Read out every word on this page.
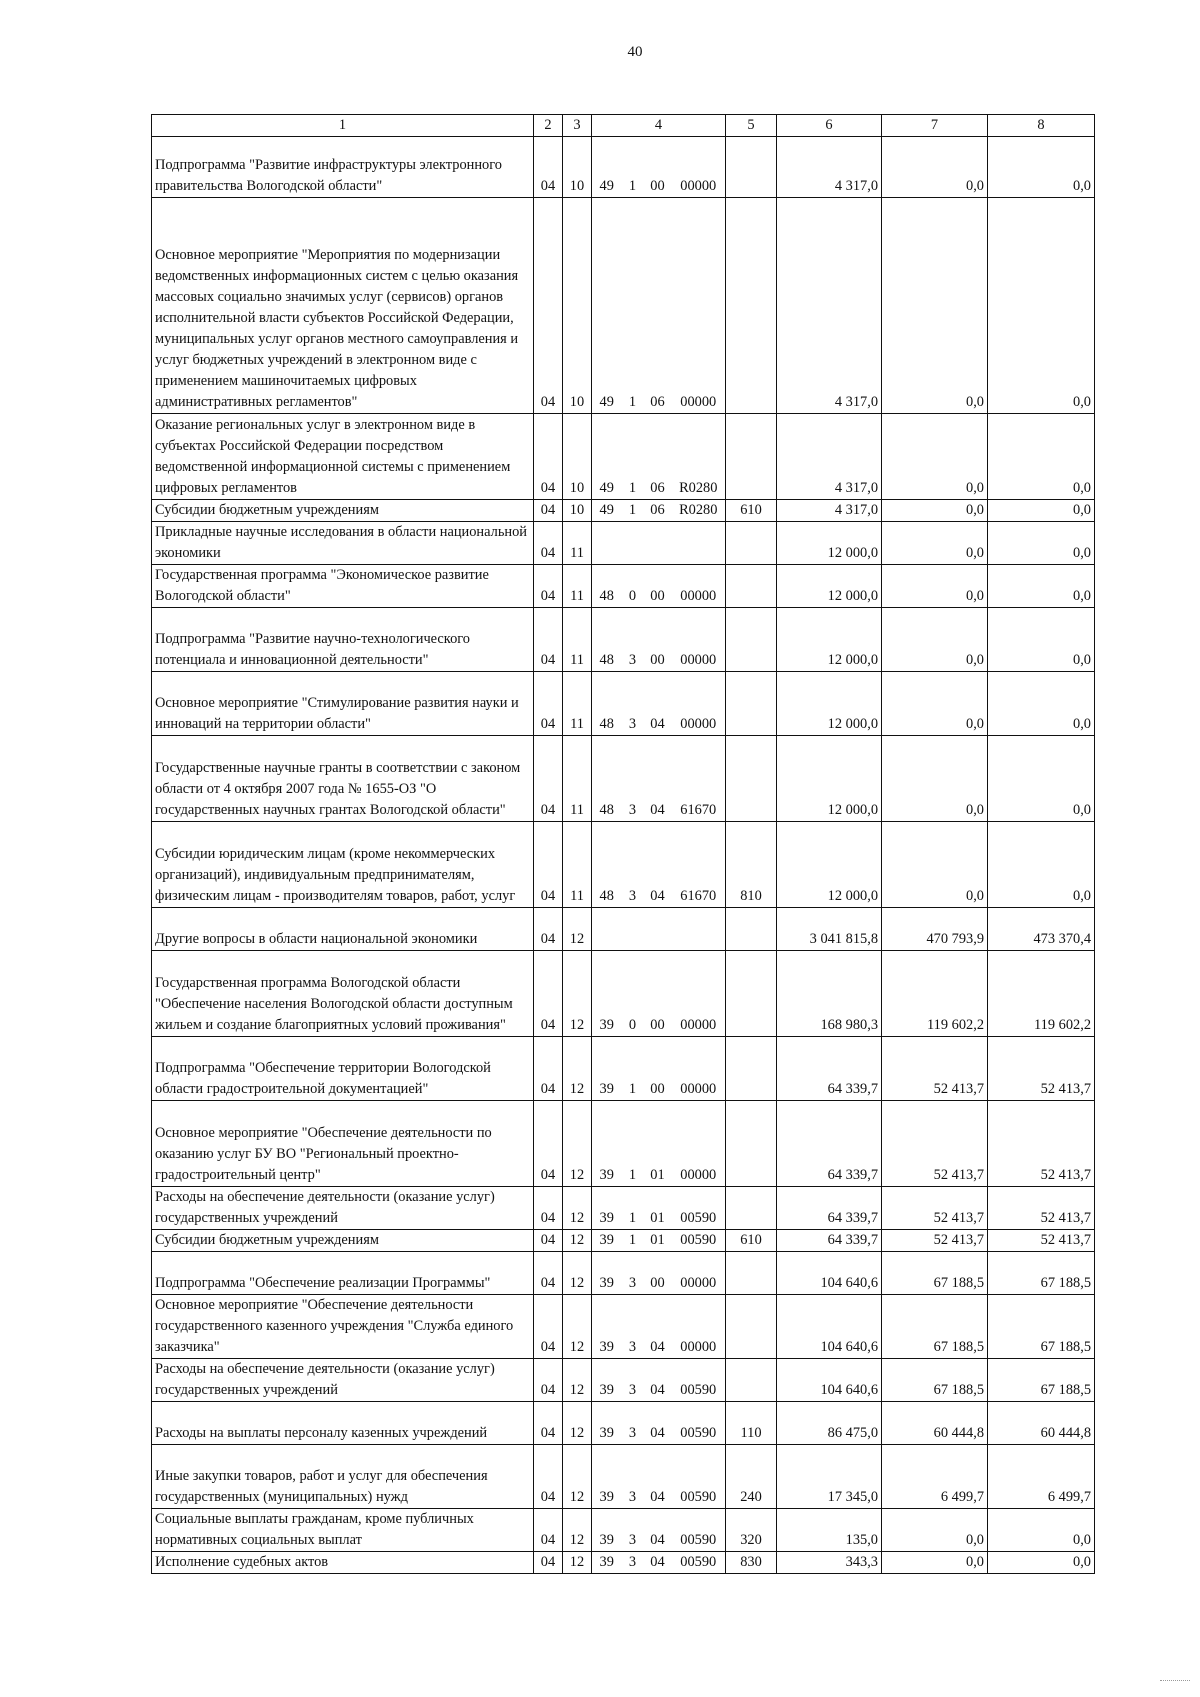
40
1	2	3	4				5	6	7	8
Подпрограмма "Развитие инфраструктуры электронного правительства Вологодской области"	04	10	49	1	00	00000		4 317,0	0,0	0,0
Основное мероприятие "Мероприятия по модернизации ведомственных информационных систем с целью оказания массовых социально значимых услуг (сервисов) органов исполнительной власти субъектов Российской Федерации, муниципальных услуг органов местного самоуправления и услуг бюджетных учреждений в электронном виде с применением машиночитаемых цифровых административных регламентов"	04	10	49	1	06	00000		4 317,0	0,0	0,0
Оказание региональных услуг в электронном виде в субъектах Российской Федерации посредством ведомственной информационной системы с применением цифровых регламентов	04	10	49	1	06	R0280		4 317,0	0,0	0,0
Субсидии бюджетным учреждениям	04	10	49	1	06	R0280	610	4 317,0	0,0	0,0
Прикладные научные исследования в области национальной экономики	04	11						12 000,0	0,0	0,0
Государственная программа "Экономическое развитие Вологодской области"	04	11	48	0	00	00000		12 000,0	0,0	0,0
Подпрограмма "Развитие научно-технологического потенциала и инновационной деятельности"	04	11	48	3	00	00000		12 000,0	0,0	0,0
Основное мероприятие "Стимулирование развития науки и инноваций на территории области"	04	11	48	3	04	00000		12 000,0	0,0	0,0
Государственные научные гранты в соответствии с законом области от 4 октября 2007 года № 1655-ОЗ "О государственных научных грантах Вологодской области"	04	11	48	3	04	61670		12 000,0	0,0	0,0
Субсидии юридическим лицам (кроме некоммерческих организаций), индивидуальным предпринимателям, физическим лицам - производителям товаров, работ, услуг	04	11	48	3	04	61670	810	12 000,0	0,0	0,0
Другие вопросы в области национальной экономики	04	12						3 041 815,8	470 793,9	473 370,4
Государственная программа Вологодской области "Обеспечение населения Вологодской области доступным жильем и создание благоприятных условий проживания"	04	12	39	0	00	00000		168 980,3	119 602,2	119 602,2
Подпрограмма "Обеспечение территории Вологодской области градостроительной документацией"	04	12	39	1	00	00000		64 339,7	52 413,7	52 413,7
Основное мероприятие "Обеспечение деятельности по оказанию услуг БУ ВО "Региональный проектно-градостроительный центр"	04	12	39	1	01	00000		64 339,7	52 413,7	52 413,7
Расходы на обеспечение деятельности (оказание услуг) государственных учреждений	04	12	39	1	01	00590		64 339,7	52 413,7	52 413,7
Субсидии бюджетным учреждениям	04	12	39	1	01	00590	610	64 339,7	52 413,7	52 413,7
Подпрограмма "Обеспечение реализации Программы"	04	12	39	3	00	00000		104 640,6	67 188,5	67 188,5
Основное мероприятие "Обеспечение деятельности государственного казенного учреждения "Служба единого заказчика"	04	12	39	3	04	00000		104 640,6	67 188,5	67 188,5
Расходы на обеспечение деятельности (оказание услуг) государственных учреждений	04	12	39	3	04	00590		104 640,6	67 188,5	67 188,5
Расходы на выплаты персоналу казенных учреждений	04	12	39	3	04	00590	110	86 475,0	60 444,8	60 444,8
Иные закупки товаров, работ и услуг для обеспечения государственных (муниципальных) нужд	04	12	39	3	04	00590	240	17 345,0	6 499,7	6 499,7
Социальные выплаты гражданам, кроме публичных нормативных социальных выплат	04	12	39	3	04	00590	320	135,0	0,0	0,0
Исполнение судебных актов	04	12	39	3	04	00590	830	343,3	0,0	0,0
